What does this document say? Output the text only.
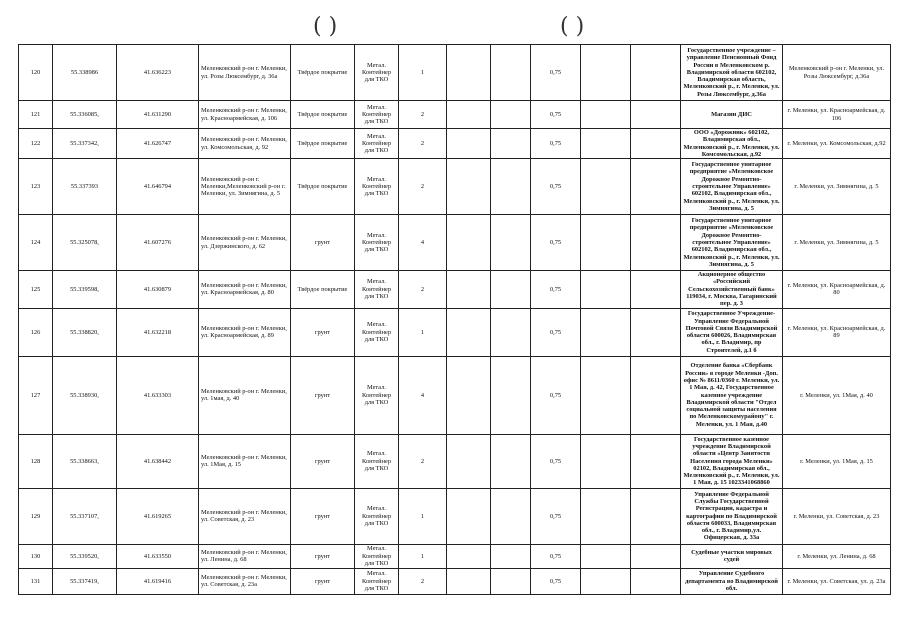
( )	( )
120	55.338986	41.636223	Меленковский р-он г. Меленки, ул. Розы Люксембург, д. 36а	Твёрдое покрытие	Метал. Контейнер для ТКО	1			0,75			Государственное учреждение – управление Пенсионный Фонд России в Меленковском р. Владимирской области 602102, Владимирская область, Меленковский р., г. Меленки, ул. Розы Люксембург, д.36а	Меленковский р-он г. Меленки, ул. Розы Люксембург, д.36а
121	55.336085,	41.631290	Меленковский р-он г. Меленки, ул. Красноармейская, д. 106	Твёрдое покрытие	Метал. Контейнер для ТКО	2			0,75			Магазин ДИС	г. Меленки, ул. Красноармейская, д. 106
122	55.337342,	41.626747	Меленковский р-он г. Меленки, ул. Комсомольская, д. 92	Твёрдое покрытие	Метал. Контейнер для ТКО	2			0,75			ООО «Дорожник» 602102, Владимирская обл., Меленковский р., г. Меленки, ул. Комсомольская, д.92	г. Меленки, ул. Комсомольская, д.92
123	55.337393	41.646794	Меленковский р-он г. Меленки,Меленковский р-он г. Меленки, ул. Зимнягина, д. 5	Твёрдое покрытие	Метал. Контейнер для ТКО	2			0,75			Государственное унитарное предприятие «Меленковское Дорожное Ремонтно-строительное Управление» 602102, Владимирская обл., Меленковский р., г. Меленки, ул. Зимнягина, д. 5	г. Меленки, ул. Зимнягина, д. 5
124	55.325078,	41.607276	Меленковский р-он г. Меленки, ул. Дзержинского, д. 62	грунт	Метал. Контейнер для ТКО	4			0,75			Государственное унитарное предприятие «Меленковское Дорожное Ремонтно-строительное Управление» 602102, Владимирская обл., Меленковский р., г. Меленки, ул. Зимнягина, д. 5	г. Меленки, ул. Зимнягина, д. 5
125	55.339598,	41.630879	Меленковский р-он г. Меленки, ул. Красноармейская, д. 80	Твёрдое покрытие	Метал. Контейнер для ТКО	2			0,75			Акционерное общество «Российский Сельскохозяйственный банк» 119034, г. Москва, Гагаринский пер. д. 3	г. Меленки, ул. Красноармейская, д. 80
126	55.338820,	41.632218	Меленковский р-он г. Меленки, ул. Красноармейская, д. 89	грунт	Метал. Контейнер для ТКО	1			0,75			Государственное Учреждение- Управление Федеральной Почтовой Связи Владимирской области 600026, Владимирская обл., г. Владимир, пр Строителей, д.1 б	г. Меленки, ул. Красноармейская, д. 89
127	55.338930,	41.633303	Меленковский р-он г. Меленки, ул. 1мая, д. 40	грунт	Метал. Контейнер для ТКО	4			0,75			Отделение банка «Сбербанк России» в городе Меленки -Доп. офис № 8611/0360 г. Меленки, ул. 1 Мая, д. 42, Государственное казенное учреждение Владимирской области "Отдел социальной защиты населения по Меленковскомурайону" г. Меленки, ул. 1 Мая, д.40	г. Меленки, ул. 1Мая, д. 40
128	55.338663,	41.638442	Меленковский р-он г. Меленки, ул. 1Мая, д. 15	грунт	Метал. Контейнер для ТКО	2			0,75			Государственное казенное учреждение Владимирской области «Центр Занятости Населения города Меленки» 02102, Владимирская обл., Меленковский р., г. Меленки, ул. 1 Мая, д. 15 1023341068860	г. Меленки, ул. 1Мая, д. 15
129	55.337107,	41.619265	Меленковский р-он г. Меленки, ул. Советская, д. 23	грунт	Метал. Контейнер для ТКО	1			0,75			Управление Федеральной Службы Государственной Регистрации, кадастра и картографии по Владимирской области 600033, Владимирская обл., г. Владимир,ул. Офицерская, д. 33а	г. Меленки, ул. Советская, д. 23
130	55.339520,	41.633550	Меленковский р-он г. Меленки, ул. Ленина, д. 68	грунт	Метал. Контейнер для ТКО	1			0,75			Судебные участки мировых судей	г. Меленки, ул. Ленина, д. 68
131	55.337419,	41.619416	Меленковский р-он г. Меленки, ул. Советская, д. 23а	грунт	Метал. Контейнер для ТКО	2			0,75			Управление Судебного департамента во Владимирской обл.	г. Меленки, ул. Советская, ул. д. 23а
